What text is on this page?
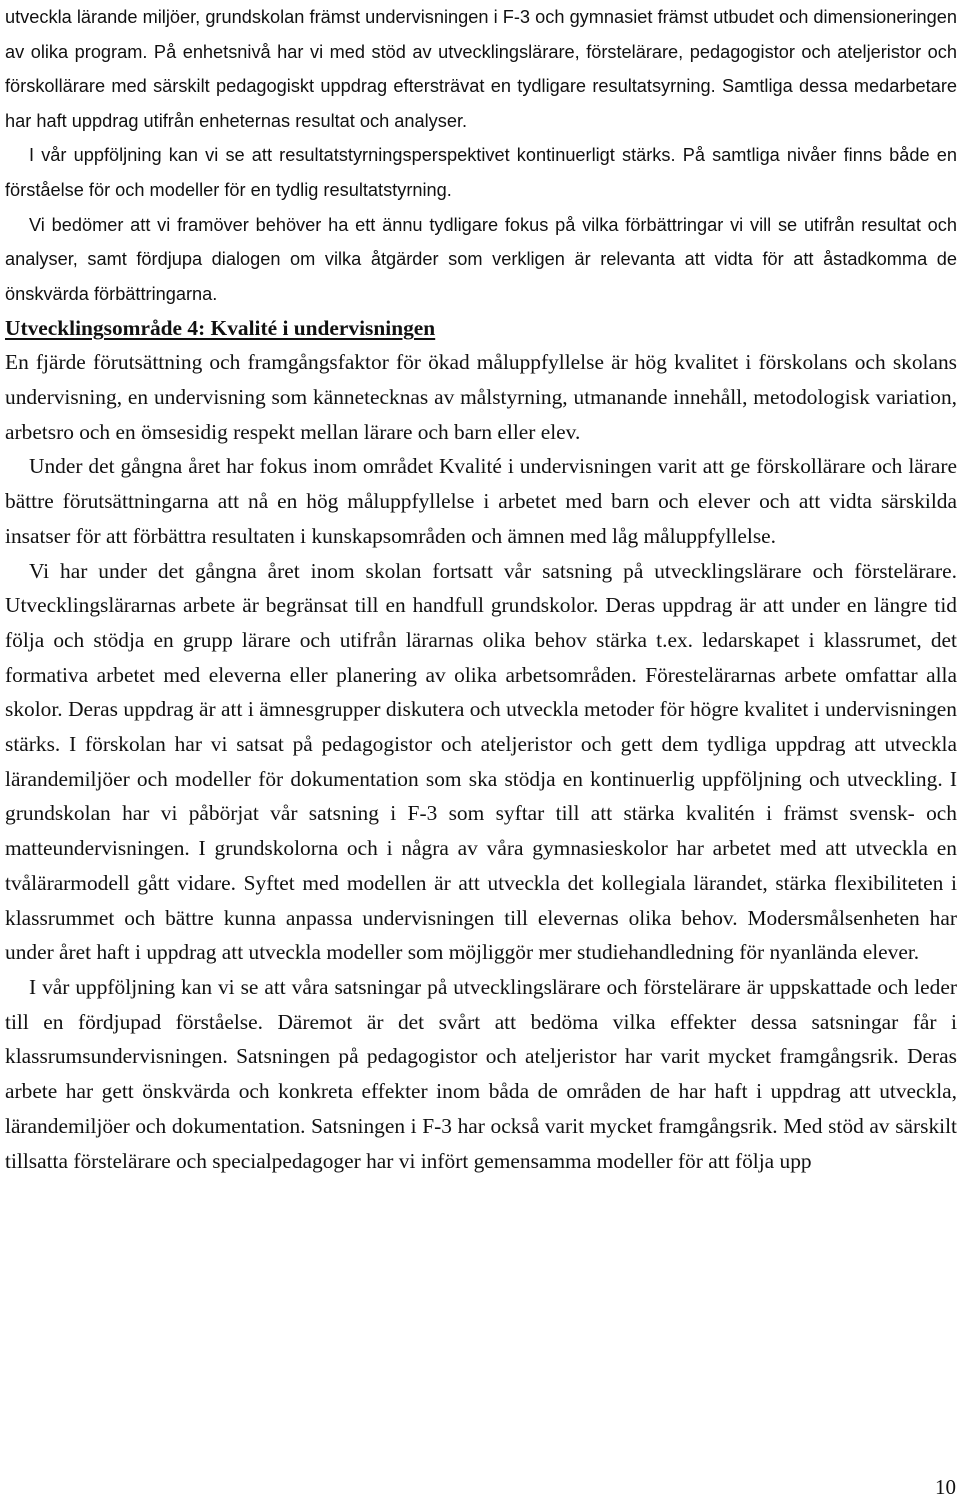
utveckla lärande miljöer, grundskolan främst undervisningen i F-3 och gymnasiet främst utbudet och dimensioneringen av olika program. På enhetsnivå har vi med stöd av utvecklingslärare, förstelärare, pedagogistor och ateljeristor och förskollärare med särskilt pedagogiskt uppdrag eftersträvat en tydligare resultatsyrning. Samtliga dessa medarbetare har haft uppdrag utifrån enheternas resultat och analyser.

I vår uppföljning kan vi se att resultatstyrningsperspektivet kontinuerligt stärks. På samtliga nivåer finns både en förståelse för och modeller för en tydlig resultatstyrning.

Vi bedömer att vi framöver behöver ha ett ännu tydligare fokus på vilka förbättringar vi vill se utifrån resultat och analyser, samt fördjupa dialogen om vilka åtgärder som verkligen är relevanta att vidta för att åstadkomma de önskvärda förbättringarna.

Utvecklingsområde 4: Kvalité i undervisningen

En fjärde förutsättning och framgångsfaktor för ökad måluppfyllelse är hög kvalitet i förskolans och skolans undervisning, en undervisning som kännetecknas av målstyrning, utmanande innehåll, metodologisk variation, arbetsro och en ömsesidig respekt mellan lärare och barn eller elev.

Under det gångna året har fokus inom området Kvalité i undervisningen varit att ge förskollärare och lärare bättre förutsättningarna att nå en hög måluppfyllelse i arbetet med barn och elever och att vidta särskilda insatser för att förbättra resultaten i kunskapsområden och ämnen med låg måluppfyllelse.

Vi har under det gångna året inom skolan fortsatt vår satsning på utvecklingslärare och förstelärare. Utvecklingslärarnas arbete är begränsat till en handfull grundskolor. Deras uppdrag är att under en längre tid följa och stödja en grupp lärare och utifrån lärarnas olika behov stärka t.ex. ledarskapet i klassrumet, det formativa arbetet med eleverna eller planering av olika arbetsområden. Förestelärarnas arbete omfattar alla skolor. Deras uppdrag är att i ämnesgrupper diskutera och utveckla metoder för högre kvalitet i undervisningen stärks. I förskolan har vi satsat på pedagogistor och ateljeristor och gett dem tydliga uppdrag att utveckla lärandemiljöer och modeller för dokumentation som ska stödja en kontinuerlig uppföljning och utveckling. I grundskolan har vi påbörjat vår satsning i F-3 som syftar till att stärka kvalitén i främst svensk- och matteundervisningen. I grundskolorna och i några av våra gymnasieskolor har arbetet med att utveckla en tvålärarmodell gått vidare. Syftet med modellen är att utveckla det kollegiala lärandet, stärka flexibiliteten i klassrummet och bättre kunna anpassa undervisningen till elevernas olika behov. Modersmålsenheten har under året haft i uppdrag att utveckla modeller som möjliggör mer studiehandledning för nyanlända elever.

I vår uppföljning kan vi se att våra satsningar på utvecklingslärare och förstelärare är uppskattade och leder till en fördjupad förståelse. Däremot är det svårt att bedöma vilka effekter dessa satsningar får i klassrumsundervisningen. Satsningen på pedagogistor och ateljeristor har varit mycket framgångsrik. Deras arbete har gett önskvärda och konkreta effekter inom båda de områden de har haft i uppdrag att utveckla, lärandemiljöer och dokumentation. Satsningen i F-3 har också varit mycket framgångsrik. Med stöd av särskilt tillsatta förstelärare och specialpedagoger har vi infört gemensamma modeller för att följa upp

10
